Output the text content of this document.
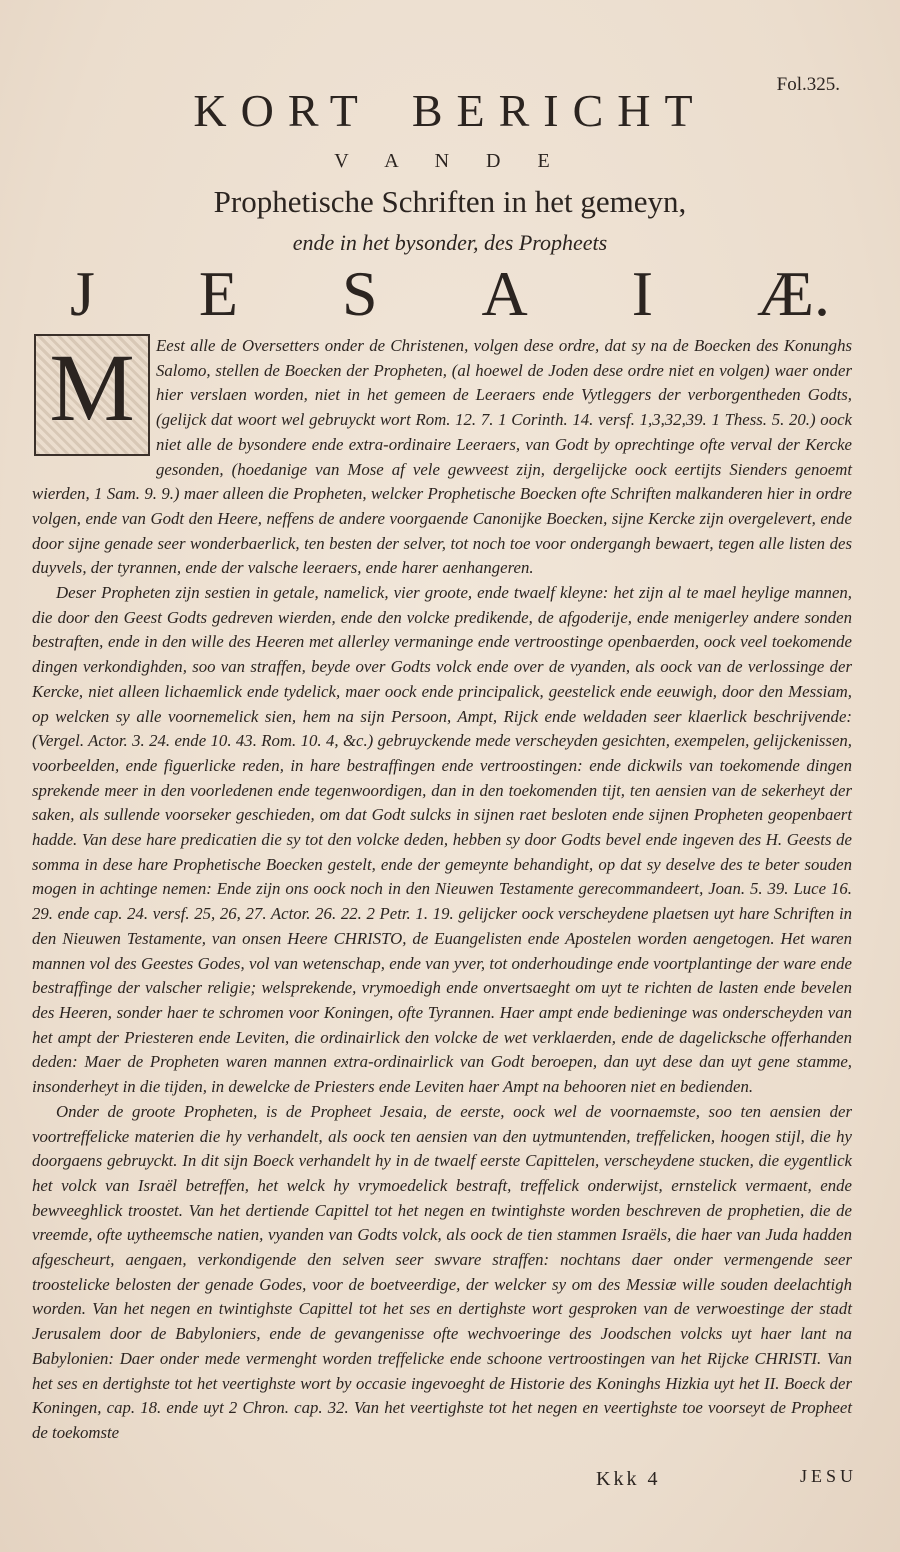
Fol.325.
KORT BERICHT
V A N D E
Prophetische Schriften in het gemeyn,
ende in het bysonder, des Propheets
J E S A I Æ.

Eest alle de Oversetters onder de Christenen, volgen dese ordre, dat sy na de Boecken des Konunghs Salomo, stellen de Boecken der Propheten, (al hoewel de Joden dese ordre niet en volgen) waer onder hier verslaen worden, niet in het gemeen de Leeraers ende Vytleggers der verborgentheden Godts, (gelijck dat woort wel gebruyckt wort Rom. 12. 7. 1 Corinth. 14. versf. 1,3,32,39. 1 Thess. 5. 20.) oock niet alle de bysondere ende extra-ordinaire Leeraers, van Godt by oprechtinge ofte verval der Kercke gesonden, (hoedanige van Mose af vele gewveest zijn, dergelijcke oock eertijts Sienders genoemt wierden, 1 Sam. 9. 9.) maer alleen die Propheten, welcker Prophetische Boecken ofte Schriften malkanderen hier in ordre volgen, ende van Godt den Heere, neffens de andere voorgaende Canonijke Boecken, sijne Kercke zijn overgelevert, ende door sijne genade seer wonderbaerlick, ten besten der selver, tot noch toe voor ondergangh bewaert, tegen alle listen des duyvels, der tyrannen, ende der valsche leeraers, ende harer aenhangeren.

Deser Propheten zijn sestien in getale, namelick, vier groote, ende twaelf kleyne: het zijn al te mael heylige mannen, die door den Geest Godts gedreven wierden, ende den volcke predikende, de afgoderije, ende menigerley andere sonden bestraften, ende in den wille des Heeren met allerley vermaninge ende vertroostinge openbaerden, oock veel toekomende dingen verkondighden, soo van straffen, beyde over Godts volck ende over de vyanden, als oock van de verlossinge der Kercke, niet alleen lichaemlick ende tydelick, maer oock ende principalick, geestelick ende eeuwigh, door den Messiam, op welcken sy alle voornemelick sien, hem na sijn Persoon, Ampt, Rijck ende weldaden seer klaerlick beschrijvende: (Vergel. Actor. 3. 24. ende 10. 43. Rom. 10. 4, &c.) gebruyckende mede verscheyden gesichten, exempelen, gelijckenissen, voorbeelden, ende figuerlicke reden, in hare bestraffingen ende vertroostingen: ende dickwils van toekomende dingen sprekende meer in den voorledenen ende tegenwoordigen, dan in den toekomenden tijt, ten aensien van de sekerheyt der saken, als sullende voorseker geschieden, om dat Godt sulcks in sijnen raet besloten ende sijnen Propheten geopenbaert hadde. Van dese hare predicatien die sy tot den volcke deden, hebben sy door Godts bevel ende ingeven des H. Geests de somma in dese hare Prophetische Boecken gestelt, ende der gemeynte behandight, op dat sy deselve des te beter souden mogen in achtinge nemen: Ende zijn ons oock noch in den Nieuwen Testamente gerecommandeert, Joan. 5. 39. Luce 16. 29. ende cap. 24. versf. 25, 26, 27. Actor. 26. 22. 2 Petr. 1. 19. gelijcker oock verscheydene plaetsen uyt hare Schriften in den Nieuwen Testamente, van onsen Heere CHRISTO, de Euangelisten ende Apostelen worden aengetogen. Het waren mannen vol des Geestes Godes, vol van wetenschap, ende van yver, tot onderhoudinge ende voortplantinge der ware ende bestraffinge der valscher religie; welsprekende, vrymoedigh ende onvertsaeght om uyt te richten de lasten ende bevelen des Heeren, sonder haer te schromen voor Koningen, ofte Tyrannen. Haer ampt ende bedieninge was onderscheyden van het ampt der Priesteren ende Leviten, die ordinairlick den volcke de wet verklaerden, ende de dagelicksche offerhanden deden: Maer de Propheten waren mannen extra-ordinairlick van Godt beroepen, dan uyt dese dan uyt gene stamme, insonderheyt in die tijden, in dewelcke de Priesters ende Leviten haer Ampt na behooren niet en bedienden.

Onder de groote Propheten, is de Propheet Jesaia, de eerste, oock wel de voornaemste, soo ten aensien der voortreffelicke materien die hy verhandelt, als oock ten aensien van den uytmuntenden, treffelicken, hoogen stijl, die hy doorgaens gebruyckt. In dit sijn Boeck verhandelt hy in de twaelf eerste Capittelen, verscheydene stucken, die eygentlick het volck van Israël betreffen, het welck hy vrymoedelick bestraft, treffelick onderwijst, ernstelick vermaent, ende bewveeghlick troostet. Van het dertiende Capittel tot het negen en twintighste worden beschreven de prophetien, die de vreemde, ofte uytheemsche natien, vyanden van Godts volck, als oock de tien stammen Israëls, die haer van Juda hadden afgescheurt, aengaen, verkondigende den selven seer swvare straffen: nochtans daer onder vermengende seer troostelicke belosten der genade Godes, voor de boetveerdige, der welcker sy om des Messiæ wille souden deelachtigh worden. Van het negen en twintighste Capittel tot het ses en dertighste wort gesproken van de verwoestinge der stadt Jerusalem door de Babyloniers, ende de gevangenisse ofte wechvoeringe des Joodschen volcks uyt haer lant na Babylonien: Daer onder mede vermenght worden treffelicke ende schoone vertroostingen van het Rijcke CHRISTI. Van het ses en dertighste tot het veertighste wort by occasie ingevoeght de Historie des Koninghs Hizkia uyt het II. Boeck der Koningen, cap. 18. ende uyt 2 Chron. cap. 32. Van het veertighste tot het negen en veertighste toe voorseyt de Propheet de toekomste

M
Kkk 4	JESU
